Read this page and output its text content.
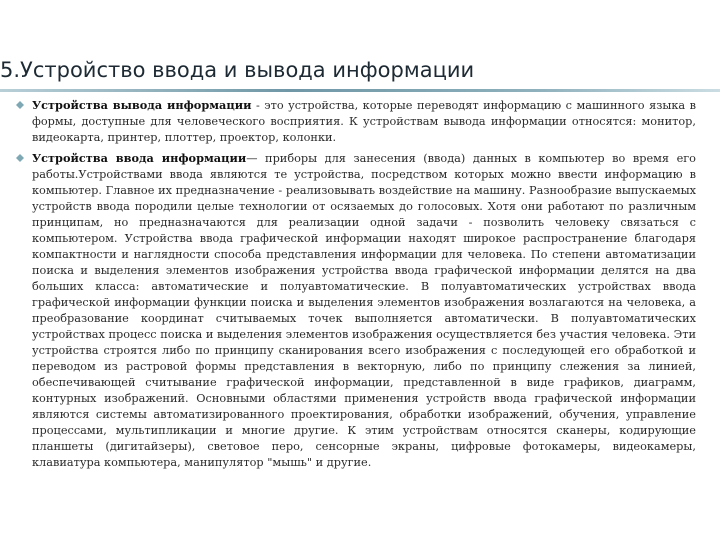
5.Устройство ввода и вывода информации
Устройства вывода информации - это устройства, которые переводят информацию с машинного языка в формы, доступные для человеческого восприятия. К устройствам вывода информации относятся: монитор, видеокарта, принтер, плоттер, проектор, колонки.
Устройства ввода информации— приборы для занесения (ввода) данных в компьютер во время его работы.Устройствами ввода являются те устройства, посредством которых можно ввести информацию в компьютер. Главное их предназначение - реализовывать воздействие на машину. Разнообразие выпускаемых устройств ввода породили целые технологии от осязаемых до голосовых. Хотя они работают по различным принципам, но предназначаются для реализации одной задачи - позволить человеку связаться с компьютером. Устройства ввода графической информации находят широкое распространение благодаря компактности и наглядности способа представления информации для человека. По степени автоматизации поиска и выделения элементов изображения устройства ввода графической информации делятся на два больших класса: автоматические и полуавтоматические. В полуавтоматических устройствах ввода графической информации функции поиска и выделения элементов изображения возлагаются на человека, а преобразование координат считываемых точек выполняется автоматически. В полуавтоматических устройствах процесс поиска и выделения элементов изображения осуществляется без участия человека. Эти устройства строятся либо по принципу сканирования всего изображения с последующей его обработкой и переводом из растровой формы представления в векторную, либо по принципу слежения за линией, обеспечивающей считывание графической информации, представленной в виде графиков, диаграмм, контурных изображений. Основными областями применения устройств ввода графической информации являются системы автоматизированного проектирования, обработки изображений, обучения, управление процессами, мультипликации и многие другие. К этим устройствам относятся сканеры, кодирующие планшеты (дигитайзеры), световое перо, сенсорные экраны, цифровые фотокамеры, видеокамеры, клавиатура компьютера, манипулятор "мышь" и другие.
